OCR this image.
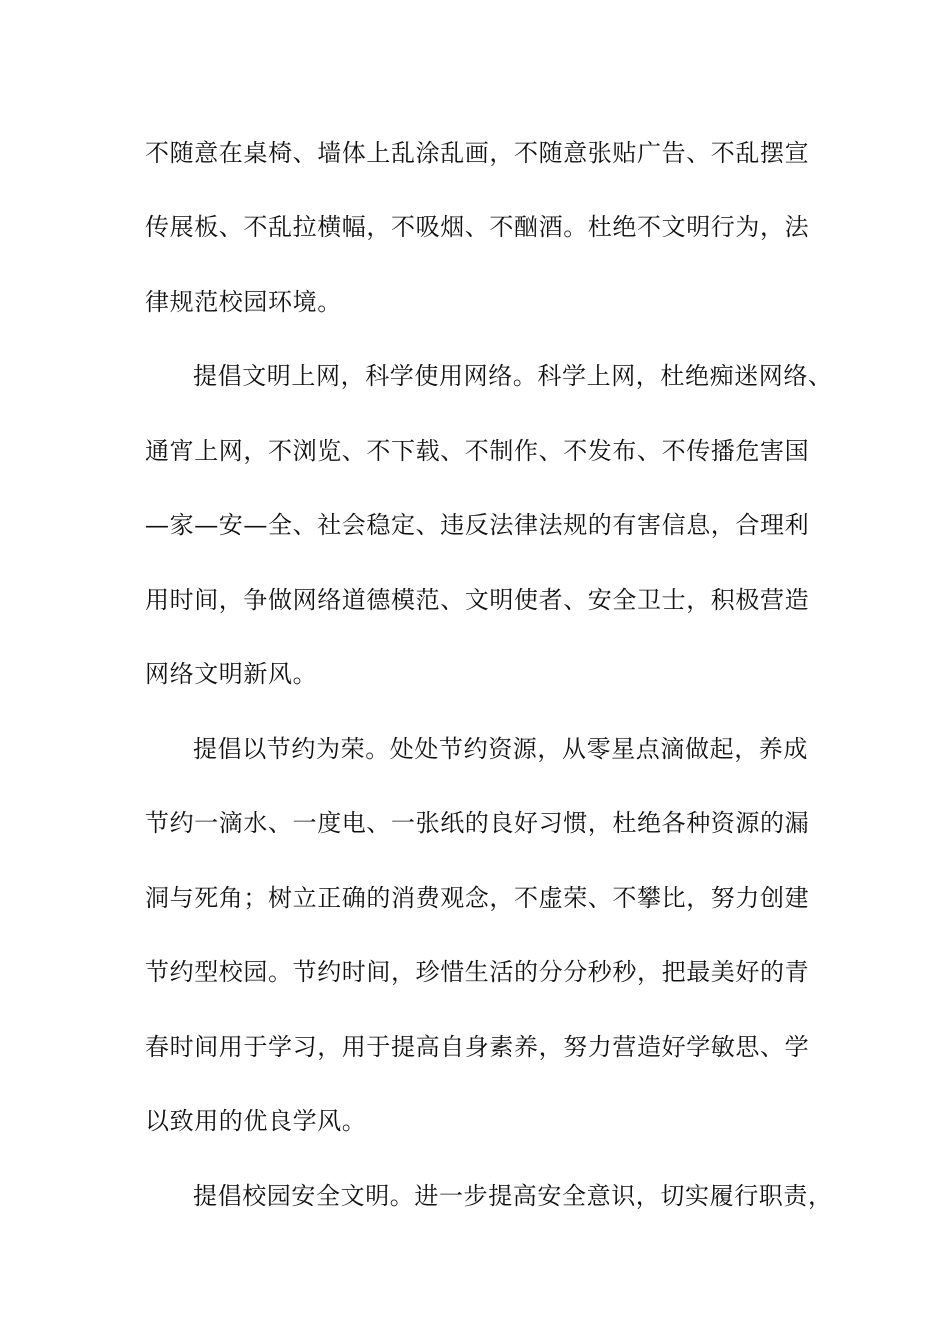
不随意在桌椅、墙体上乱涂乱画，不随意张贴广告、不乱摆宣
传展板、不乱拉横幅，不吸烟、不酗酒。杜绝不文明行为，法
律规范校园环境。
提倡文明上网，科学使用网络。科学上网，杜绝痴迷网络、
通宵上网，不浏览、不下载、不制作、不发布、不传播危害国
—家—安—全、社会稳定、违反法律法规的有害信息，合理利
用时间，争做网络道德模范、文明使者、安全卫士，积极营造
网络文明新风。
提倡以节约为荣。处处节约资源，从零星点滴做起，养成
节约一滴水、一度电、一张纸的良好习惯，杜绝各种资源的漏
洞与死角；树立正确的消费观念，不虚荣、不攀比，努力创建
节约型校园。节约时间，珍惜生活的分分秒秒，把最美好的青
春时间用于学习，用于提高自身素养，努力营造好学敏思、学
以致用的优良学风。
提倡校园安全文明。进一步提高安全意识，切实履行职责，
